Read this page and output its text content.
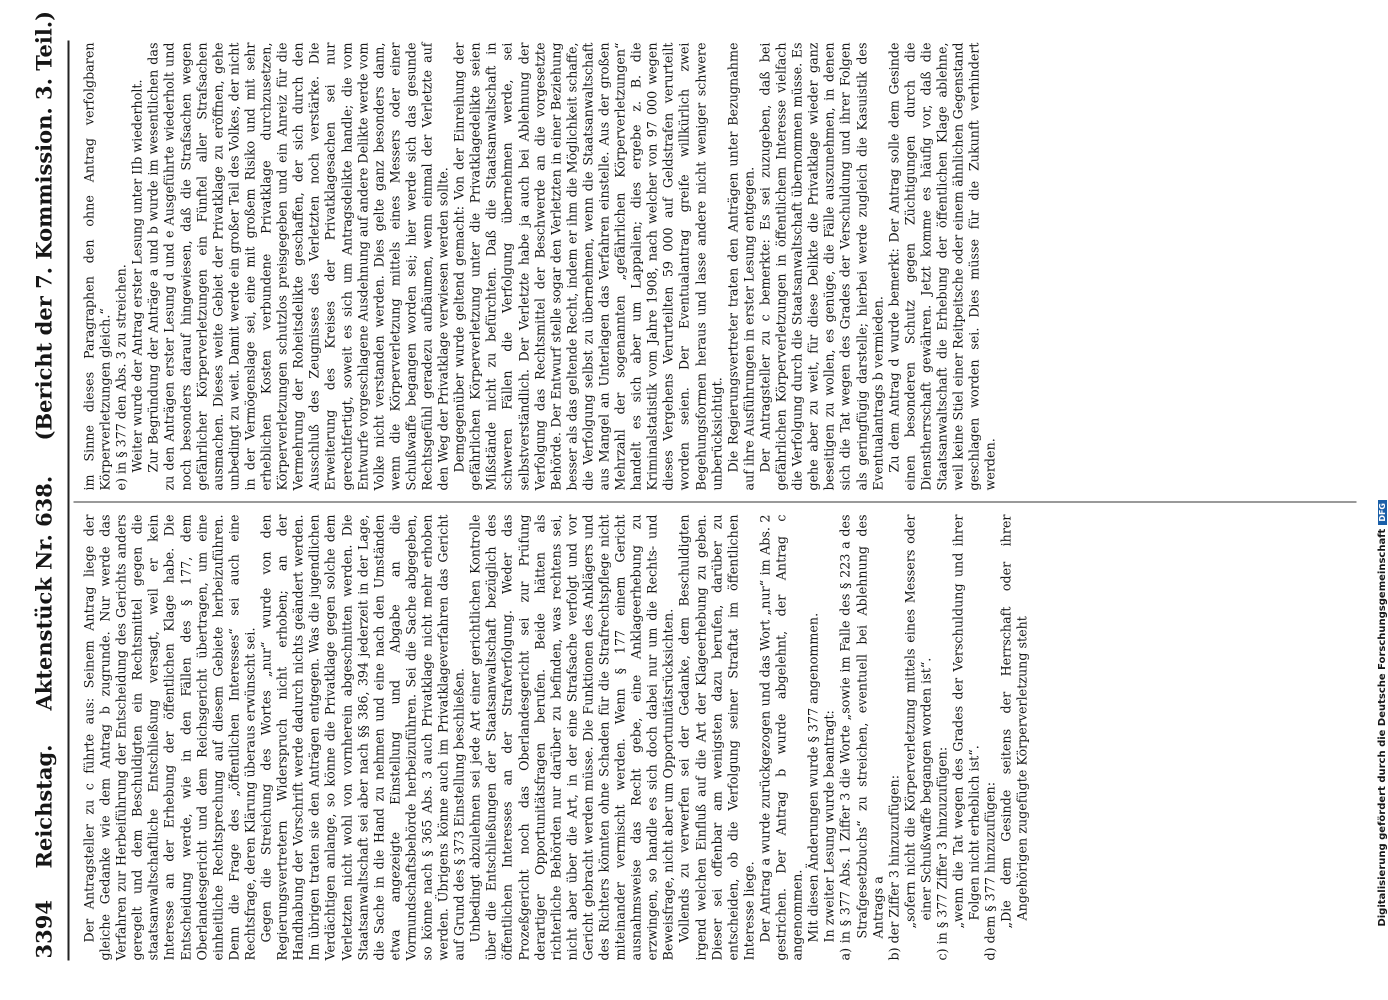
3394
Reichstag.
Aktenstück Nr. 638.
(Bericht der 7. Kommission. 3. Teil.)

Der Antragsteller zu c führte aus: Seinem Antrag liege der gleiche Gedanke wie dem Antrag b zugrunde. Nur werde das Verfahren zur Herbeiführung der Entscheidung des Gerichts anders geregelt und dem Beschuldigten ein Rechtsmittel gegen die staatsanwaltschaftliche Entschließung versagt, weil er kein Interesse an der Erhebung der öffentlichen Klage habe. Die Entscheidung werde, wie in den Fällen des § 177, dem Oberlandesgericht und dem Reichsgericht übertragen, um eine einheitliche Rechtsprechung auf diesem Gebiete herbeizuführen. Denn die Frage des „öffentlichen Interesses“ sei auch eine Rechtsfrage, deren Klärung überaus erwünscht sei. Gegen die Streichung des Wortes „nur“ wurde von den Regierungsvertretern Widerspruch nicht erhoben; an der Handhabung der Vorschrift werde dadurch nichts geändert werden. Im übrigen traten sie den Anträgen entgegen. Was die jugendlichen Verdächtigen anlange, so könne die Privatklage gegen solche dem Verletzten nicht wohl von vornherein abgeschnitten werden. Die Staatsanwaltschaft sei aber nach §§ 386, 394 jederzeit in der Lage, die Sache in die Hand zu nehmen und eine nach den Umständen etwa angezeigte Einstellung und Abgabe an die Vormundschaftsbehörde herbeizuführen. Sei die Sache abgegeben, so könne nach § 365 Abs. 3 auch Privatklage nicht mehr erhoben werden. Übrigens könne auch im Privatklageverfahren das Gericht auf Grund des § 373 Einstellung beschließen. Unbedingt abzulehnen sei jede Art einer gerichtlichen Kontrolle über die Entschließungen der Staatsanwaltschaft bezüglich des öffentlichen Interesses an der Strafverfolgung. Weder das Prozeßgericht noch das Oberlandesgericht sei zur Prüfung derartiger Opportunitätsfragen berufen. Beide hätten als richterliche Behörden nur darüber zu befinden, was rechtens sei, nicht aber über die Art, in der eine Strafsache verfolgt und vor Gericht gebracht werden müsse. Die Funktionen des Anklägers und des Richters könnten ohne Schaden für die Strafrechtspflege nicht miteinander vermischt werden. Wenn § 177 einem Gericht ausnahmsweise das Recht gebe, eine Anklageerhebung zu erzwingen, so handle es sich doch dabei nur um die Rechts- und Beweisfrage, nicht aber um Opportunitätsrücksichten. Vollends zu verwerfen sei der Gedanke, dem Beschuldigten irgend welchen Einfluß auf die Art der Klageerhebung zu geben. Dieser sei offenbar am wenigsten dazu berufen, darüber zu entscheiden, ob die Verfolgung seiner Straftat im öffentlichen Interesse liege. Der Antrag a wurde zurückgezogen und das Wort „nur“ im Abs. 2 gestrichen. Der Antrag b wurde abgelehnt, der Antrag c angenommen. Mit diesen Änderungen wurde § 377 angenommen. In zweiter Lesung wurde beantragt: a) in § 377 Abs. 1 Ziffer 3 die Worte „sowie im Falle des § 223 a des Strafgesetzbuchs“ zu streichen, eventuell bei Ablehnung des Antrags a b) der Ziffer 3 hinzuzufügen: „sofern nicht die Körperverletzung mittels eines Messers oder einer Schußwaffe begangen worden ist“. c) in § 377 Ziffer 3 hinzuzufügen: „wenn die Tat wegen des Grades der Verschuldung und ihrer Folgen nicht erheblich ist“. d) dem § 377 hinzuzufügen: „Die dem Gesinde seitens der Herrschaft oder ihrer Angehörigen zugefügte Körperverletzung steht

im Sinne dieses Paragraphen den ohne Antrag verfolgbaren Körperverletzungen gleich.“ e) in § 377 den Abs. 3 zu streichen. Weiter wurde der Antrag erster Lesung unter IIb wiederholt. Zur Begründung der Anträge a und b wurde im wesentlichen das zu den Anträgen erster Lesung d und e Ausgeführte wiederholt und noch besonders darauf hingewiesen, daß die Strafsachen wegen gefährlicher Körperverletzungen ein Fünftel aller Strafsachen ausmachen. Dieses weite Gebiet der Privatklage zu eröffnen, gehe unbedingt zu weit. Damit werde ein großer Teil des Volkes, der nicht in der Vermögenslage sei, eine mit großem Risiko und mit sehr erheblichen Kosten verbundene Privatklage durchzusetzen, Körperverletzungen schutzlos preisgegeben und ein Anreiz für die Vermehrung der Roheitsdelikte geschaffen, der sich durch den Ausschluß des Zeugnisses des Verletzten noch verstärke. Die Erweiterung des Kreises der Privatklagesachen sei nur gerechtfertigt, soweit es sich um Antragsdelikte handle; die vom Entwurfe vorgeschlagene Ausdehnung auf andere Delikte werde vom Volke nicht verstanden werden. Dies gelte ganz besonders dann, wenn die Körperverletzung mittels eines Messers oder einer Schußwaffe begangen worden sei; hier werde sich das gesunde Rechtsgefühl geradezu aufbäumen, wenn einmal der Verletzte auf den Weg der Privatklage verwiesen werden sollte. Demgegenüber wurde geltend gemacht: Von der Einreihung der gefährlichen Körperverletzung unter die Privatklagedelikte seien Mißstände nicht zu befürchten. Daß die Staatsanwaltschaft in schweren Fällen die Verfolgung übernehmen werde, sei selbstverständlich. Der Verletzte habe ja auch bei Ablehnung der Verfolgung das Rechtsmittel der Beschwerde an die vorgesetzte Behörde. Der Entwurf stelle sogar den Verletzten in einer Beziehung besser als das geltende Recht, indem er ihm die Möglichkeit schaffe, die Verfolgung selbst zu übernehmen, wenn die Staatsanwaltschaft aus Mangel an Unterlagen das Verfahren einstelle. Aus der großen Mehrzahl der sogenannten „gefährlichen Körperverletzungen“ handelt es sich aber um Lappalien; dies ergebe z. B. die Kriminalstatistik vom Jahre 1908, nach welcher von 97 000 wegen dieses Vergehens Verurteilten 59 000 auf Geldstrafen verurteilt worden seien. Der Eventualantrag greife willkürlich zwei Begehungsformen heraus und lasse andere nicht weniger schwere unberücksichtigt. Die Regierungsvertreter traten den Anträgen unter Bezugnahme auf ihre Ausführungen in erster Lesung entgegen. Der Antragsteller zu c bemerkte: Es sei zuzugeben, daß bei gefährlichen Körperverletzungen in öffentlichem Interesse vielfach die Verfolgung durch die Staatsanwaltschaft übernommen müsse. Es gehe aber zu weit, für diese Delikte die Privatklage wieder ganz beseitigen zu wollen, es genüge, die Fälle auszunehmen, in denen sich die Tat wegen des Grades der Verschuldung und ihrer Folgen als geringfügig darstelle; hierbei werde zugleich die Kasuistik des Eventualantrags b vermieden. Zu dem Antrag d wurde bemerkt: Der Antrag solle dem Gesinde einen besonderen Schutz gegen Züchtigungen durch die Dienstherrschaft gewähren. Jetzt komme es häufig vor, daß die Staatsanwaltschaft die Erhebung der öffentlichen Klage ablehne, weil keine Stiel einer Reitpeitsche oder einem ähnlichen Gegenstand geschlagen worden sei. Dies müsse für die Zukunft verhindert werden.

Digitalisierung gefördert durch die Deutsche ForschungsgemeinschaftDFG
